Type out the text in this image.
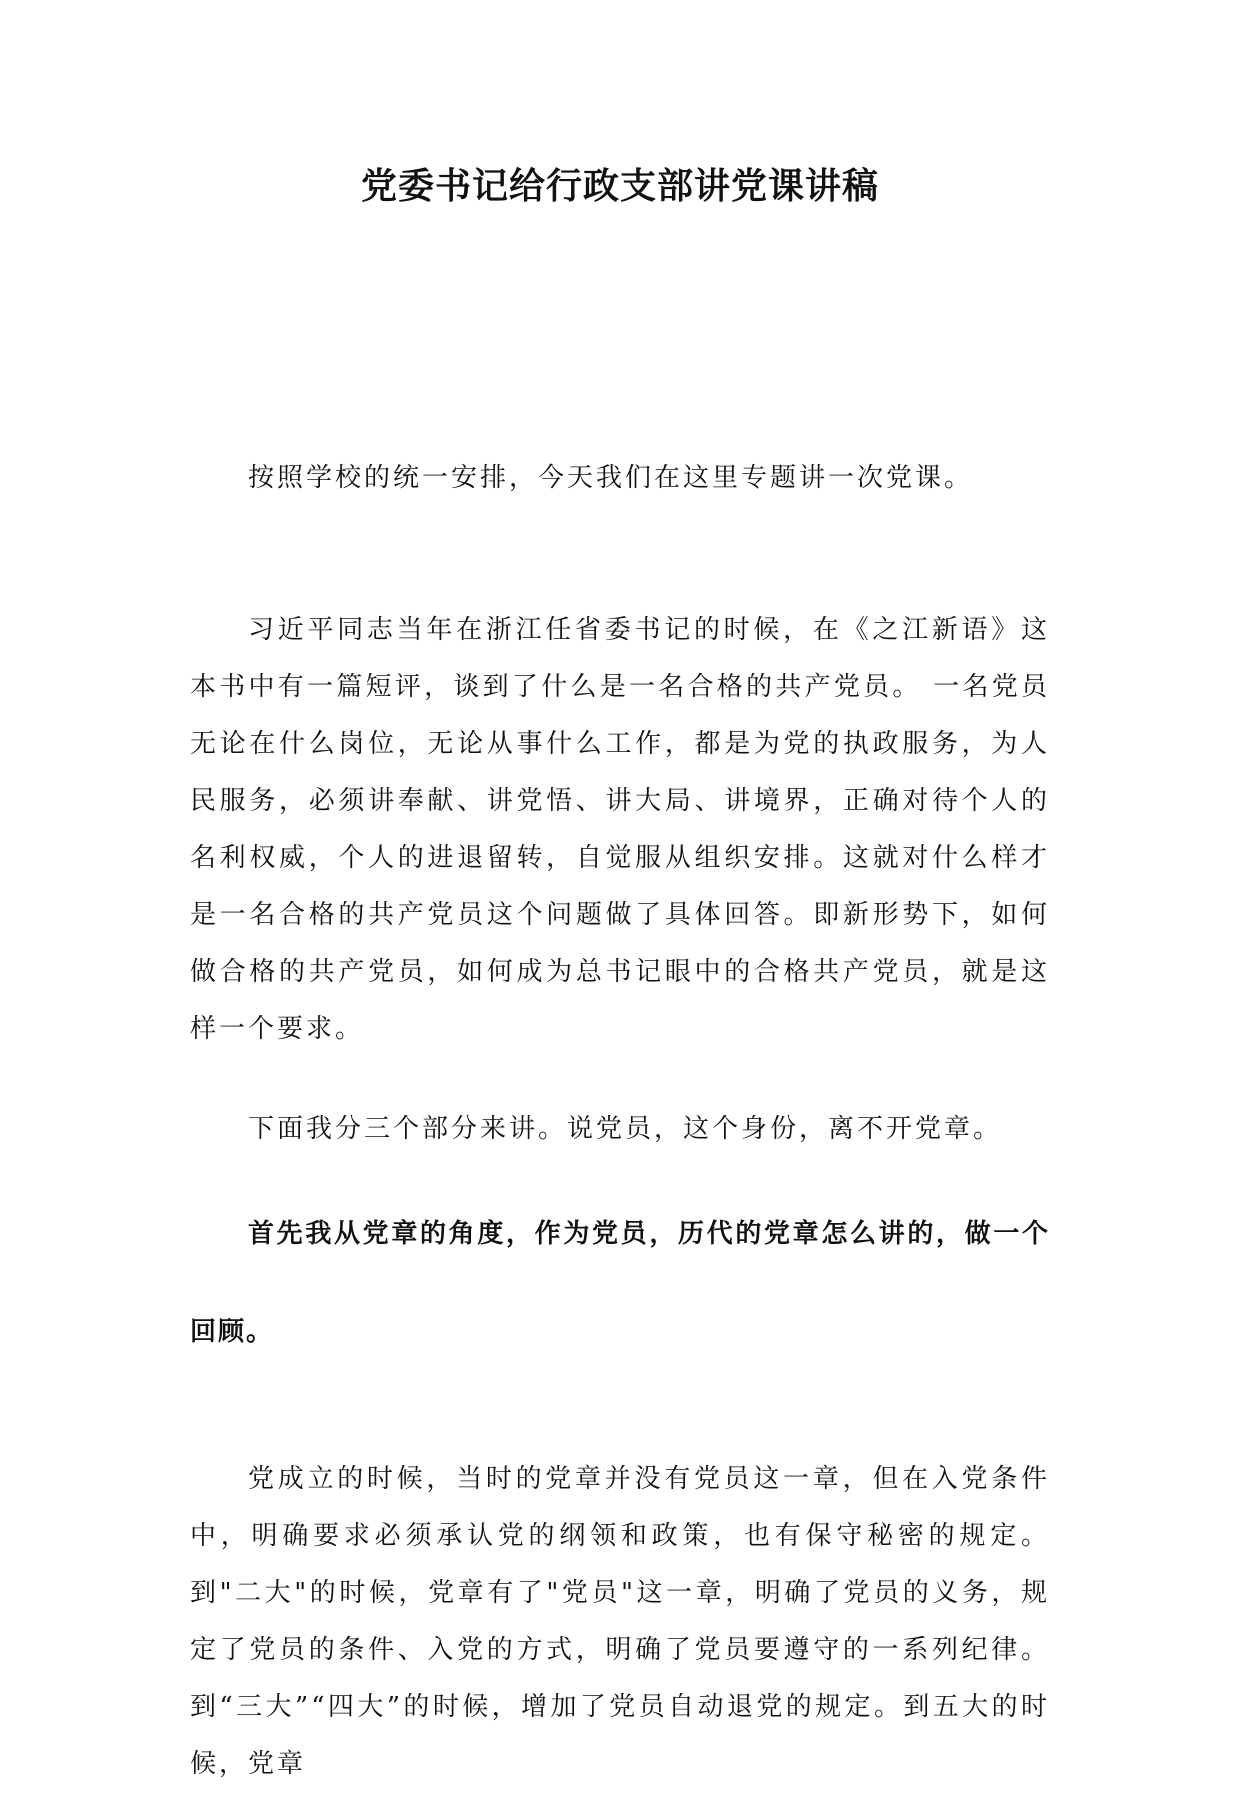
党委书记给行政支部讲党课讲稿

按照学校的统一安排，今天我们在这里专题讲一次党课。

习近平同志当年在浙江任省委书记的时候，在《之江新语》这本书中有一篇短评，谈到了什么是一名合格的共产党员。 一名党员无论在什么岗位，无论从事什么工作，都是为党的执政服务，为人民服务，必须讲奉献、讲党悟、讲大局、讲境界，正确对待个人的名利权威，个人的进退留转，自觉服从组织安排。这就对什么样才是一名合格的共产党员这个问题做了具体回答。即新形势下，如何做合格的共产党员，如何成为总书记眼中的合格共产党员，就是这样一个要求。

下面我分三个部分来讲。说党员，这个身份，离不开党章。

首先我从党章的角度，作为党员，历代的党章怎么讲的，做一个回顾。

党成立的时候，当时的党章并没有党员这一章，但在入党条件中，明确要求必须承认党的纲领和政策，也有保守秘密的规定。到"二大"的时候，党章有了"党员"这一章，明确了党员的义务，规定了党员的条件、入党的方式，明确了党员要遵守的一系列纪律。到“三大”“四大”的时候，增加了党员自动退党的规定。到五大的时候，党章
